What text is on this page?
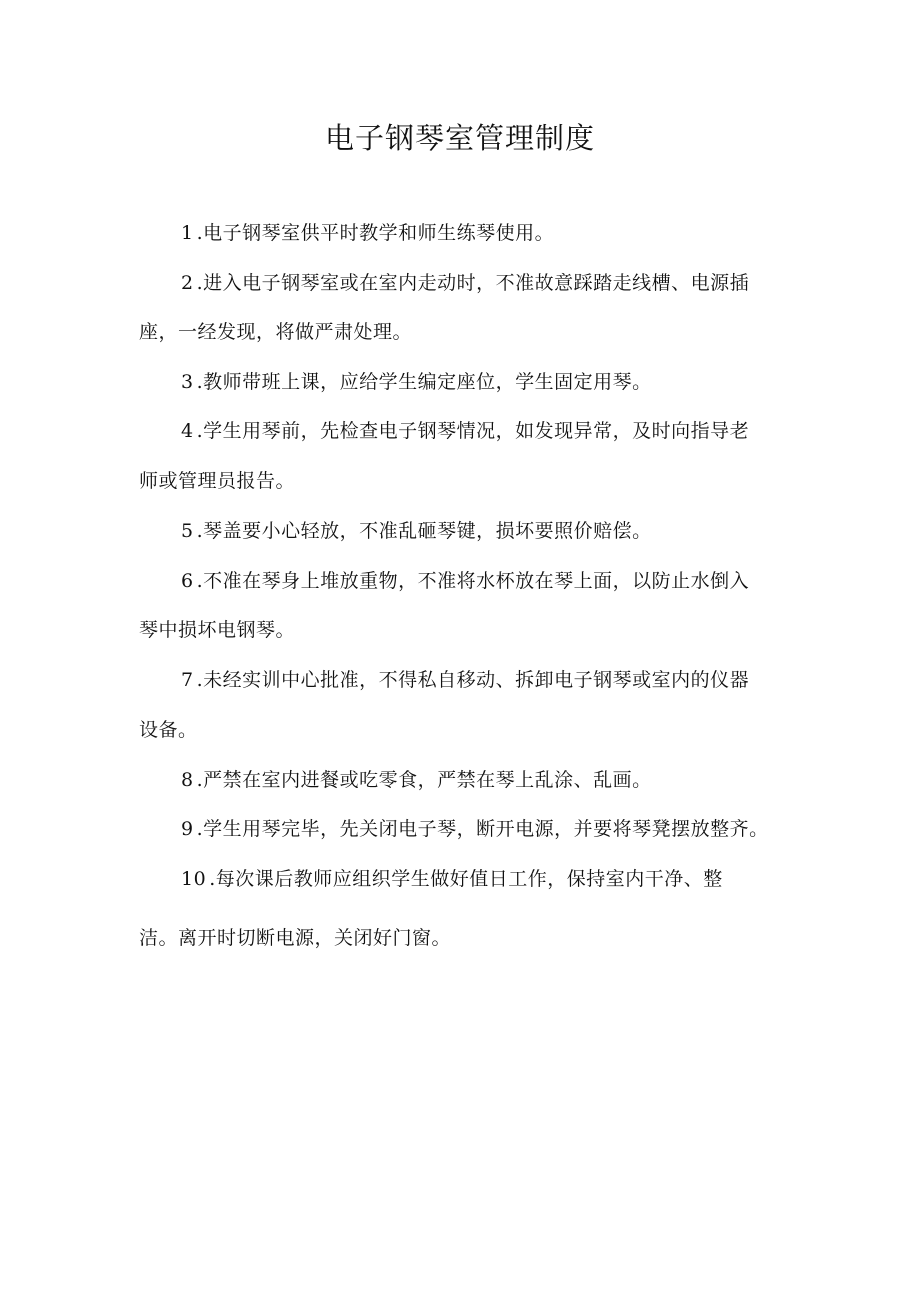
电子钢琴室管理制度

1 .电子钢琴室供平时教学和师生练琴使用。

2 .进入电子钢琴室或在室内走动时，不准故意踩踏走线槽、电源插

座，一经发现，将做严肃处理。

3 .教师带班上课，应给学生编定座位，学生固定用琴。

4 .学生用琴前，先检查电子钢琴情况，如发现异常，及时向指导老

师或管理员报告。

5 .琴盖要小心轻放，不准乱砸琴键，损坏要照价赔偿。

6 .不准在琴身上堆放重物，不准将水杯放在琴上面，以防止水倒入

琴中损坏电钢琴。

7 .未经实训中心批准，不得私自移动、拆卸电子钢琴或室内的仪器

设备。

8 .严禁在室内进餐或吃零食，严禁在琴上乱涂、乱画。

9 .学生用琴完毕，先关闭电子琴，断开电源，并要将琴凳摆放整齐。

10 .每次课后教师应组织学生做好值日工作，保持室内干净、整

洁。离开时切断电源，关闭好门窗。
